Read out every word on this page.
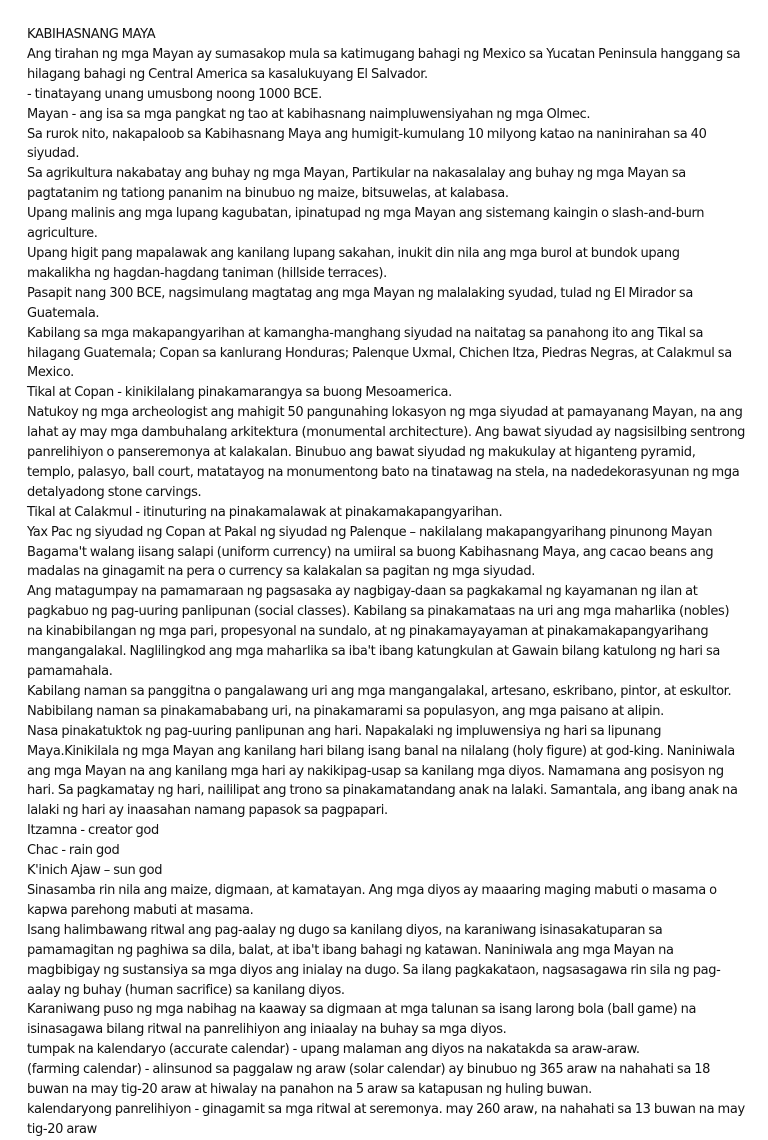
KABIHASNANG MAYA
Ang tirahan ng mga Mayan ay sumasakop mula sa katimugang bahagi ng Mexico sa Yucatan Peninsula hanggang sa hilagang bahagi ng Central America sa kasalukuyang El Salvador.
- tinatayang unang umusbong noong 1000 BCE.
Mayan - ang isa sa mga pangkat ng tao at kabihasnang naimpluwensiyahan ng mga Olmec.
Sa rurok nito, nakapaloob sa Kabihasnang Maya ang humigit-kumulang 10 milyong katao na naninirahan sa 40 siyudad.
Sa agrikultura nakabatay ang buhay ng mga Mayan, Partikular na nakasalalay ang buhay ng mga Mayan sa pagtatanim ng tationg pananim na binubuo ng maize, bitsuwelas, at kalabasa.
Upang malinis ang mga lupang kagubatan, ipinatupad ng mga Mayan ang sistemang kaingin o slash-and-burn agriculture.
Upang higit pang mapalawak ang kanilang lupang sakahan, inukit din nila ang mga burol at bundok upang makalikha ng hagdan-hagdang taniman (hillside terraces).
Pasapit nang 300 BCE, nagsimulang magtatag ang mga Mayan ng malalaking syudad, tulad ng El Mirador sa Guatemala.
Kabilang sa mga makapangyarihan at kamangha-manghang siyudad na naitatag sa panahong ito ang Tikal sa hilagang Guatemala; Copan sa kanlurang Honduras; Palenque Uxmal, Chichen Itza, Piedras Negras, at Calakmul sa Mexico.
Tikal at Copan - kinikilalang pinakamarangya sa buong Mesoamerica.
Natukoy ng mga archeologist ang mahigit 50 pangunahing lokasyon ng mga siyudad at pamayanang Mayan, na ang lahat ay may mga dambuhalang arkitektura (monumental architecture). Ang bawat siyudad ay nagsisilbing sentrong panrelihiyon o panseremonya at kalakalan. Binubuo ang bawat siyudad ng makukulay at higanteng pyramid, templo, palasyo, ball court, matatayog na monumentong bato na tinatawag na stela, na nadedekorasyunan ng mga detalyadong stone carvings.
Tikal at Calakmul - itinuturing na pinakamalawak at pinakamakapangyarihan.
Yax Pac ng siyudad ng Copan at Pakal ng siyudad ng Palenque – nakilalang makapangyarihang pinunong Mayan
Bagama't walang iisang salapi (uniform currency) na umiiral sa buong Kabihasnang Maya, ang cacao beans ang madalas na ginagamit na pera o currency sa kalakalan sa pagitan ng mga siyudad.
Ang matagumpay na pamamaraan ng pagsasaka ay nagbigay-daan sa pagkakamal ng kayamanan ng ilan at pagkabuo ng pag-uuring panlipunan (social classes). Kabilang sa pinakamataas na uri ang mga maharlika (nobles) na kinabibilangan ng mga pari, propesyonal na sundalo, at ng pinakamayayaman at pinakamakapangyarihang mangangalakal. Naglilingkod ang mga maharlika sa iba't ibang katungkulan at Gawain bilang katulong ng hari sa pamamahala.
Kabilang naman sa panggitna o pangalawang uri ang mga mangangalakal, artesano, eskribano, pintor, at eskultor. Nabibilang naman sa pinakamababang uri, na pinakamarami sa populasyon, ang mga paisano at alipin.
Nasa pinakatuktok ng pag-uuring panlipunan ang hari. Napakalaki ng impluwensiya ng hari sa lipunang Maya.Kinikilala ng mga Mayan ang kanilang hari bilang isang banal na nilalang (holy figure) at god-king. Naniniwala ang mga Mayan na ang kanilang mga hari ay nakikipag-usap sa kanilang mga diyos. Namamana ang posisyon ng hari. Sa pagkamatay ng hari, naililipat ang trono sa pinakamatandang anak na lalaki. Samantala, ang ibang anak na lalaki ng hari ay inaasahan namang papasok sa pagpapari.
Itzamna - creator god
Chac - rain god
K'inich Ajaw – sun god
Sinasamba rin nila ang maize, digmaan, at kamatayan. Ang mga diyos ay maaaring maging mabuti o masama o kapwa parehong mabuti at masama.
Isang halimbawang ritwal ang pag-aalay ng dugo sa kanilang diyos, na karaniwang isinasakatuparan sa pamamagitan ng paghiwa sa dila, balat, at iba't ibang bahagi ng katawan. Naniniwala ang mga Mayan na magbibigay ng sustansiya sa mga diyos ang inialay na dugo. Sa ilang pagkakataon, nagsasagawa rin sila ng pag-aalay ng buhay (human sacrifice) sa kanilang diyos.
Karaniwang puso ng mga nabihag na kaaway sa digmaan at mga talunan sa isang larong bola (ball game) na isinasagawa bilang ritwal na panrelihiyon ang iniaalay na buhay sa mga diyos.
tumpak na kalendaryo (accurate calendar) - upang malaman ang diyos na nakatakda sa araw-araw.
(farming calendar) - alinsunod sa paggalaw ng araw (solar calendar) ay binubuo ng 365 araw na nahahati sa 18 buwan na may tig-20 araw at hiwalay na panahon na 5 araw sa katapusan ng huling buwan.
kalendaryong panrelihiyon - ginagamit sa mga ritwal at seremonya. may 260 araw, na nahahati sa 13 buwan na may tig-20 araw
